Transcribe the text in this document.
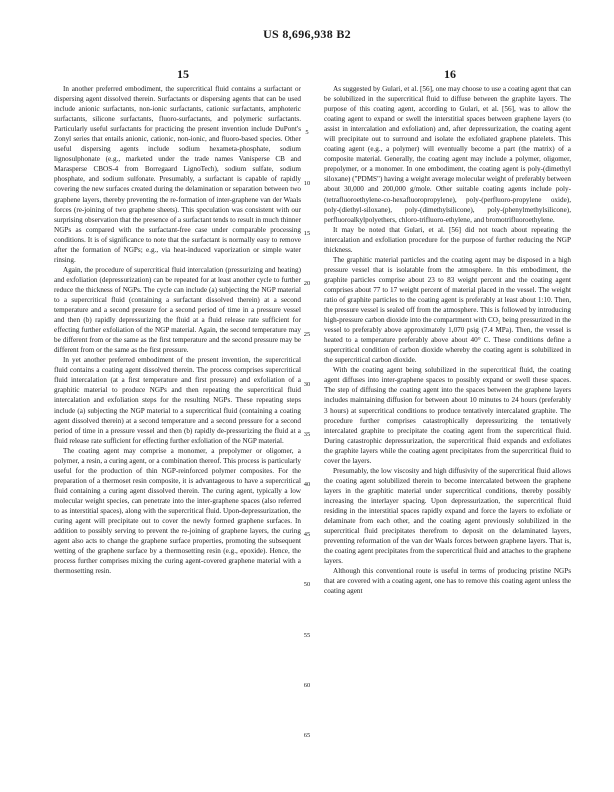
US 8,696,938 B2
15	16

In another preferred embodiment, the supercritical fluid contains a surfactant or dispersing agent dissolved therein. Surfactants or dispersing agents that can be used include anionic surfactants, non-ionic surfactants, cationic surfactants, amphoteric surfactants, silicone surfactants, fluoro-surfactants, and polymeric surfactants. Particularly useful surfactants for practicing the present invention include DuPont's Zonyl series that entails anionic, cationic, non-ionic, and fluoro-based species. Other useful dispersing agents include sodium hexameta-phosphate, sodium lignosulphonate (e.g., marketed under the trade names Vanisperse CB and Marasperse CBOS-4 from Borregaard LignoTech), sodium sulfate, sodium phosphate, and sodium sulfonate. Presumably, a surfactant is capable of rapidly covering the new surfaces created during the delamination or separation between two graphene layers, thereby preventing the re-formation of inter-graphene van der Waals forces (re-joining of two graphene sheets). This speculation was consistent with our surprising observation that the presence of a surfactant tends to result in much thinner NGPs as compared with the surfactant-free case under comparable processing conditions. It is of significance to note that the surfactant is normally easy to remove after the formation of NGPs; e.g., via heat-induced vaporization or simple water rinsing.

Again, the procedure of supercritical fluid intercalation (pressurizing and heating) and exfoliation (depressurization) can be repeated for at least another cycle to further reduce the thickness of NGPs. The cycle can include (a) subjecting the NGP material to a supercritical fluid (containing a surfactant dissolved therein) at a second temperature and a second pressure for a second period of time in a pressure vessel and then (b) rapidly depressurizing the fluid at a fluid release rate sufficient for effecting further exfoliation of the NGP material. Again, the second temperature may be different from or the same as the first temperature and the second pressure may be different from or the same as the first pressure.

In yet another preferred embodiment of the present invention, the supercritical fluid contains a coating agent dissolved therein. The process comprises supercritical fluid intercalation (at a first temperature and first pressure) and exfoliation of a graphitic material to produce NGPs and then repeating the supercritical fluid intercalation and exfoliation steps for the resulting NGPs. These repeating steps include (a) subjecting the NGP material to a supercritical fluid (containing a coating agent dissolved therein) at a second temperature and a second pressure for a second period of time in a pressure vessel and then (b) rapidly de-pressurizing the fluid at a fluid release rate sufficient for effecting further exfoliation of the NGP material.

The coating agent may comprise a monomer, a prepolymer or oligomer, a polymer, a resin, a curing agent, or a combination thereof. This process is particularly useful for the production of thin NGP-reinforced polymer composites. For the preparation of a thermoset resin composite, it is advantageous to have a supercritical fluid containing a curing agent dissolved therein. The curing agent, typically a low molecular weight species, can penetrate into the inter-graphene spaces (also referred to as interstitial spaces), along with the supercritical fluid. Upon-depressurization, the curing agent will precipitate out to cover the newly formed graphene surfaces. In addition to possibly serving to prevent the re-joining of graphene layers, the curing agent also acts to change the graphene surface properties, promoting the subsequent wetting of the graphene surface by a thermosetting resin (e.g., epoxide). Hence, the process further comprises mixing the curing agent-covered graphene material with a thermosetting resin.

5
10
15
20
25
30
35
40
45
50
55
60
65

As suggested by Gulari, et al. [56], one may choose to use a coating agent that can be solubilized in the supercritical fluid to diffuse between the graphite layers. The purpose of this coating agent, according to Gulari, et al. [56], was to allow the coating agent to expand or swell the interstitial spaces between graphene layers (to assist in intercalation and exfoliation) and, after depressurization, the coating agent will precipitate out to surround and isolate the exfoliated graphene platelets. This coating agent (e.g., a polymer) will eventually become a part (the matrix) of a composite material. Generally, the coating agent may include a polymer, oligomer, prepolymer, or a monomer. In one embodiment, the coating agent is poly-(dimethyl siloxane) ("PDMS") having a weight average molecular weight of preferably between about 30,000 and 200,000 g/mole. Other suitable coating agents include poly-(tetrafluoroethylene-co-hexafluoropropylene), poly-(perfluoro-propylene oxide), poly-(diethyl-siloxane), poly-(dimethylsilicone), poly-(phenylmethylsilicone), perfluoroalkylpolyethers, chloro-trifluoro-ethylene, and bromotrifluoroethylene.

It may be noted that Gulari, et al. [56] did not teach about repeating the intercalation and exfoliation procedure for the purpose of further reducing the NGP thickness.

The graphitic material particles and the coating agent may be disposed in a high pressure vessel that is isolatable from the atmosphere. In this embodiment, the graphite particles comprise about 23 to 83 weight percent and the coating agent comprises about 77 to 17 weight percent of material placed in the vessel. The weight ratio of graphite particles to the coating agent is preferably at least about 1:10. Then, the pressure vessel is sealed off from the atmosphere. This is followed by introducing high-pressure carbon dioxide into the compartment with CO₂ being pressurized in the vessel to preferably above approximately 1,070 psig (7.4 MPa). Then, the vessel is heated to a temperature preferably above about 40° C. These conditions define a supercritical condition of carbon dioxide whereby the coating agent is solubilized in the supercritical carbon dioxide.

With the coating agent being solubilized in the supercritical fluid, the coating agent diffuses into inter-graphene spaces to possibly expand or swell these spaces. The step of diffusing the coating agent into the spaces between the graphene layers includes maintaining diffusion for between about 10 minutes to 24 hours (preferably 3 hours) at supercritical conditions to produce tentatively intercalated graphite. The procedure further comprises catastrophically depressurizing the tentatively intercalated graphite to precipitate the coating agent from the supercritical fluid. During catastrophic depressurization, the supercritical fluid expands and exfoliates the graphite layers while the coating agent precipitates from the supercritical fluid to cover the layers.

Presumably, the low viscosity and high diffusivity of the supercritical fluid allows the coating agent solubilized therein to become intercalated between the graphene layers in the graphitic material under supercritical conditions, thereby possibly increasing the interlayer spacing. Upon depressurization, the supercritical fluid residing in the interstitial spaces rapidly expand and force the layers to exfoliate or delaminate from each other, and the coating agent previously solubilized in the supercritical fluid precipitates therefrom to deposit on the delaminated layers, preventing reformation of the van der Waals forces between graphene layers. That is, the coating agent precipitates from the supercritical fluid and attaches to the graphene layers.

Although this conventional route is useful in terms of producing pristine NGPs that are covered with a coating agent, one has to remove this coating agent unless the coating agent
